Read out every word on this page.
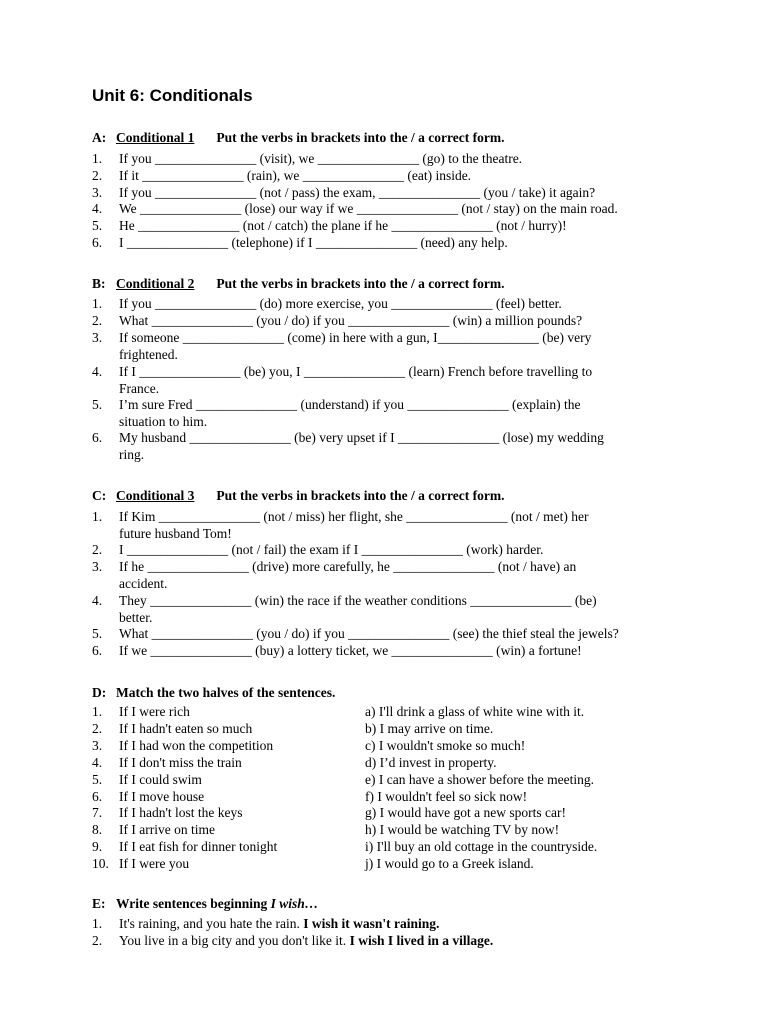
Unit 6: Conditionals
A: Conditional 1 Put the verbs in brackets into the / a correct form.
1.	If you _______________ (visit), we _______________ (go) to the theatre.
2.	If it _______________ (rain), we _______________ (eat) inside.
3.	If you _______________ (not / pass) the exam, _______________ (you / take) it again?
4.	We _______________ (lose) our way if we _______________ (not / stay) on the main road.
5.	He _______________ (not / catch) the plane if he _______________ (not / hurry)!
6.	I _______________ (telephone) if I _______________ (need) any help.
B: Conditional 2 Put the verbs in brackets into the / a correct form.
1.	If you _______________ (do) more exercise, you _______________ (feel) better.
2.	What _______________ (you / do) if you _______________ (win) a million pounds?
3.	If someone _______________ (come) in here with a gun, I_______________ (be) very
frightened.
4.	If I _______________ (be) you, I _______________ (learn) French before travelling to
France.
5.	I’m sure Fred _______________ (understand) if you _______________ (explain) the
situation to him.
6.	My husband _______________ (be) very upset if I _______________ (lose) my wedding
ring.
C: Conditional 3 Put the verbs in brackets into the / a correct form.
1.	If Kim _______________ (not / miss) her flight, she _______________ (not / met) her
future husband Tom!
2.	I _______________ (not / fail) the exam if I _______________ (work) harder.
3.	If he _______________ (drive) more carefully, he _______________ (not / have) an
accident.
4.	They _______________ (win) the race if the weather conditions _______________ (be)
better.
5.	What _______________ (you / do) if you _______________ (see) the thief steal the jewels?
6.	If we _______________ (buy) a lottery ticket, we _______________ (win) a fortune!
D: Match the two halves of the sentences.
1.	If I were rich	a) I'll drink a glass of white wine with it.
2.	If I hadn't eaten so much	b) I may arrive on time.
3.	If I had won the competition	c) I wouldn't smoke so much!
4.	If I don't miss the train	d) I’d invest in property.
5.	If I could swim	e) I can have a shower before the meeting.
6.	If I move house	f) I wouldn't feel so sick now!
7.	If I hadn't lost the keys	g) I would have got a new sports car!
8.	If I arrive on time	h) I would be watching TV by now!
9.	If I eat fish for dinner tonight	i) I'll buy an old cottage in the countryside.
10. If I were you	j) I would go to a Greek island.
E: Write sentences beginning I wish…
1.	It's raining, and you hate the rain. I wish it wasn't raining.
2.	You live in a big city and you don't like it. I wish I lived in a village.
